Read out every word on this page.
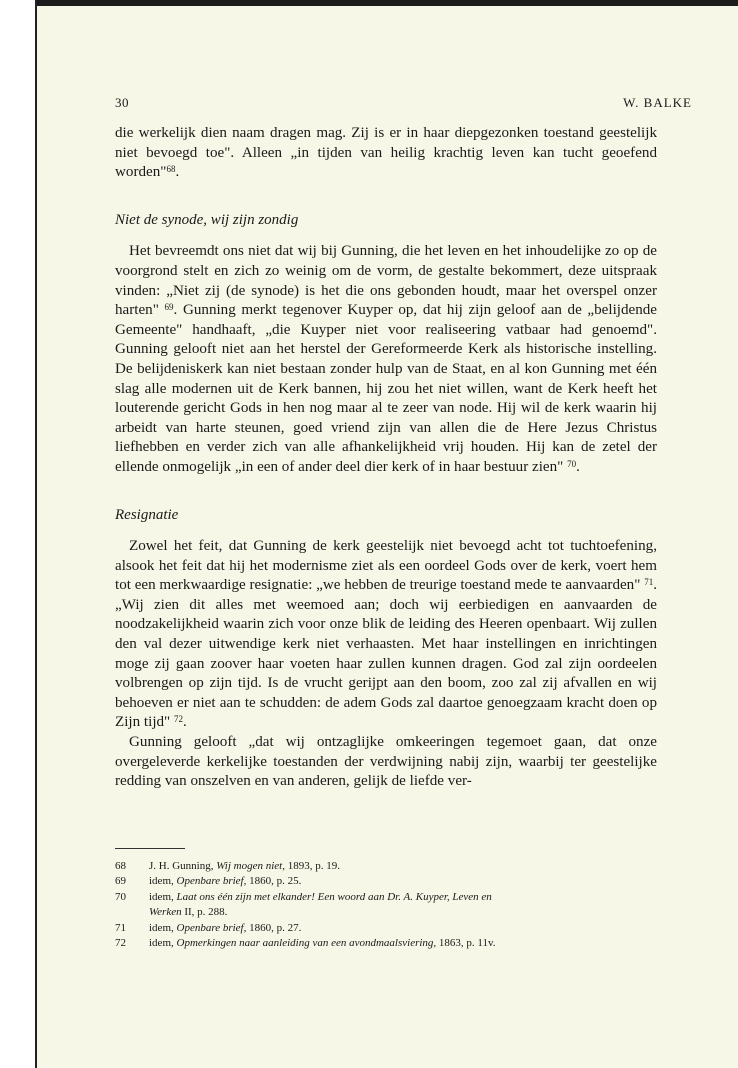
30	W. BALKE

die werkelijk dien naam dragen mag. Zij is er in haar diepgezonken toestand geestelijk niet bevoegd toe". Alleen „in tijden van heilig krachtig leven kan tucht geoefend worden"$^{68}$.

Niet de synode, wij zijn zondig

Het bevreemdt ons niet dat wij bij Gunning, die het leven en het inhoudelijke zo op de voorgrond stelt en zich zo weinig om de vorm, de gestalte bekommert, deze uitspraak vinden: „Niet zij (de synode) is het die ons gebonden houdt, maar het overspel onzer harten" $^{69}$. Gunning merkt tegenover Kuyper op, dat hij zijn geloof aan de „belijdende Gemeente" handhaaft, „die Kuyper niet voor realiseering vatbaar had genoemd". Gunning gelooft niet aan het herstel der Gereformeerde Kerk als historische instelling. De belijdeniskerk kan niet bestaan zonder hulp van de Staat, en al kon Gunning met één slag alle modernen uit de Kerk bannen, hij zou het niet willen, want de Kerk heeft het louterende gericht Gods in hen nog maar al te zeer van node. Hij wil de kerk waarin hij arbeidt van harte steunen, goed vriend zijn van allen die de Here Jezus Christus liefhebben en verder zich van alle afhankelijkheid vrij houden. Hij kan de zetel der ellende onmogelijk „in een of ander deel dier kerk of in haar bestuur zien" $^{70}$.

Resignatie

Zowel het feit, dat Gunning de kerk geestelijk niet bevoegd acht tot tuchtoefening, alsook het feit dat hij het modernisme ziet als een oordeel Gods over de kerk, voert hem tot een merkwaardige resignatie: „we hebben de treurige toestand mede te aanvaarden" $^{71}$.

„Wij zien dit alles met weemoed aan; doch wij eerbiedigen en aanvaarden de noodzakelijkheid waarin zich voor onze blik de leiding des Heeren openbaart. Wij zullen den val dezer uitwendige kerk niet verhaasten. Met haar instellingen en inrichtingen moge zij gaan zoover haar voeten haar zullen kunnen dragen. God zal zijn oordeelen volbrengen op zijn tijd. Is de vrucht gerijpt aan den boom, zoo zal zij afvallen en wij behoeven er niet aan te schudden: de adem Gods zal daartoe genoegzaam kracht doen op Zijn tijd" $^{72}$.

Gunning gelooft „dat wij ontzaglijke omkeeringen tegemoet gaan, dat onze overgeleverde kerkelijke toestanden der verdwijning nabij zijn, waarbij ter geestelijke redding van onszelven en van anderen, gelijk de liefde ver-

68	J. H. Gunning, Wij mogen niet, 1893, p. 19.
69	idem, Openbare brief, 1860, p. 25.
70	idem, Laat ons één zijn met elkander! Een woord aan Dr. A. Kuyper, Leven en
Werken II, p. 288.
71	idem, Openbare brief, 1860, p. 27.
72	idem, Opmerkingen naar aanleiding van een avondmaalsviering, 1863, p. 11v.
